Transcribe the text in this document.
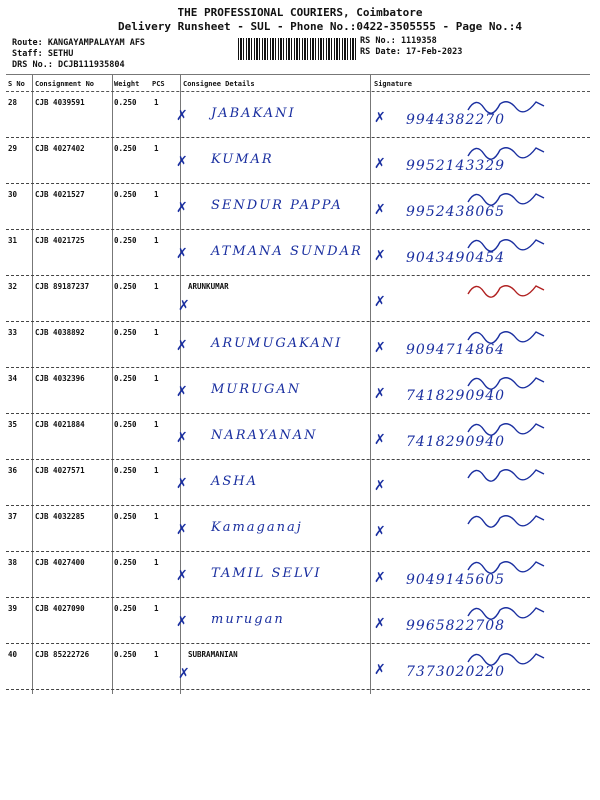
THE PROFESSIONAL COURIERS, Coimbatore
Delivery Runsheet - SUL - Phone No.:0422-3505555 - Page No.:4
Route: KANGAYAMPALAYAM AFS
Staff: SETHU
DRS No.: DCJB111935804
RS No.: 1119358
RS Date: 17-Feb-2023
S No Consignment No	Weight PCS	Consignee Details	Signature
28 CJB 4039591	0.250 1
✗ JABAKANI	✗ 9944382270
29 CJB 4027402	0.250 1
✗ KUMAR	✗ 9952143329
30 CJB 4021527	0.250 1
✗ SENDUR PAPPA ✗ 9952438065
31 CJB 4021725	0.250 1
✗ ATMANA SUNDAR ✗ 9043490454
32 CJB 89187237	0.250 1	ARUNKUMAR
✗	✗
33 CJB 4038892	0.250 1
✗ ARUMUGAKANI ✗ 9094714864
34 CJB 4032396	0.250 1
✗ MURUGAN	✗ 7418290940
35 CJB 4021884	0.250 1
✗ NARAYANAN	✗ 7418290940
36 CJB 4027571	0.250 1
✗ ASHA	✗
37 CJB 4032285	0.250 1
✗ Kamaganaj	✗
38 CJB 4027400	0.250 1
✗ TAMIL SELVI	✗ 9049145605
39 CJB 4027090	0.250 1
✗ murugan	✗ 9965822708
40 CJB 85222726	0.250 1	SUBRAMANIAN
✗	✗ 7373020220
